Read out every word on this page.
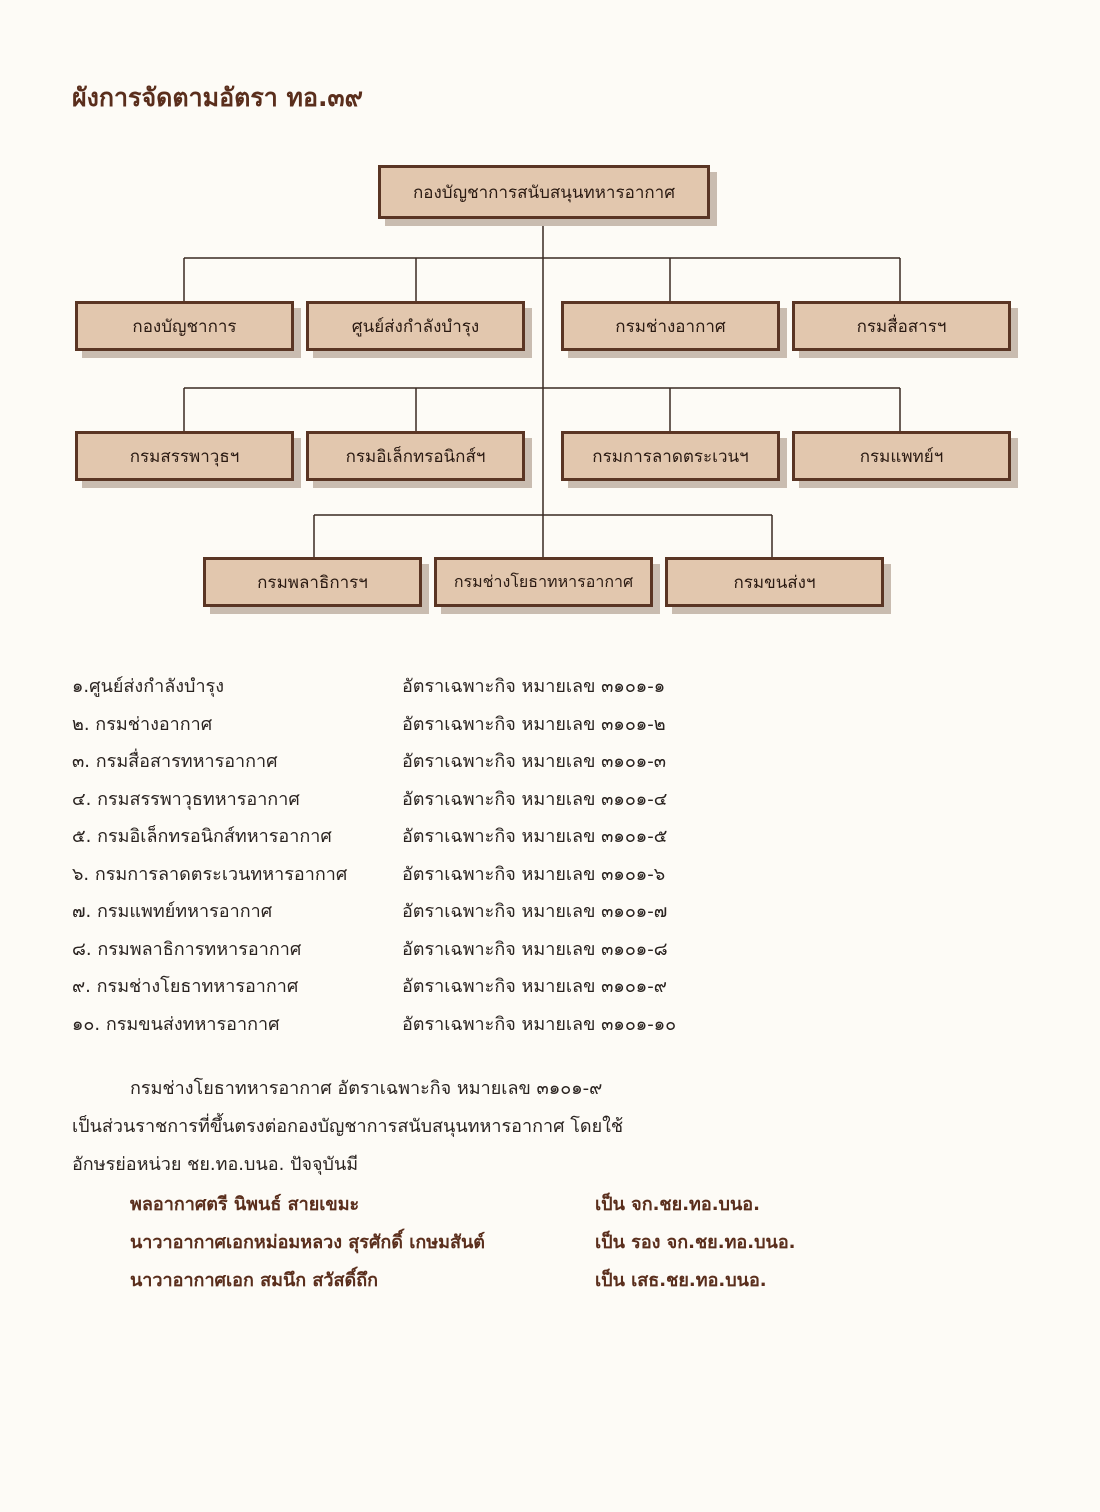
ผังการจัดตามอัตรา ทอ.๓๙
กองบัญชาการสนับสนุนทหารอากาศ
กองบัญชาการ	ศูนย์ส่งกำลังบำรุง	กรมช่างอากาศ	กรมสื่อสารฯ
กรมสรรพาวุธฯ	กรมอิเล็กทรอนิกส์ฯ	กรมการลาดตระเวนฯ	กรมแพทย์ฯ
กรมพลาธิการฯ	กรมช่างโยธาทหารอากาศ	กรมขนส่งฯ
๑.ศูนย์ส่งกำลังบำรุง	อัตราเฉพาะกิจ หมายเลข ๓๑๐๑-๑
๒. กรมช่างอากาศ	อัตราเฉพาะกิจ หมายเลข ๓๑๐๑-๒
๓. กรมสื่อสารทหารอากาศ	อัตราเฉพาะกิจ หมายเลข ๓๑๐๑-๓
๔. กรมสรรพาวุธทหารอากาศ	อัตราเฉพาะกิจ หมายเลข ๓๑๐๑-๔
๕. กรมอิเล็กทรอนิกส์ทหารอากาศ	อัตราเฉพาะกิจ หมายเลข ๓๑๐๑-๕
๖. กรมการลาดตระเวนทหารอากาศ	อัตราเฉพาะกิจ หมายเลข ๓๑๐๑-๖
๗. กรมแพทย์ทหารอากาศ	อัตราเฉพาะกิจ หมายเลข ๓๑๐๑-๗
๘. กรมพลาธิการทหารอากาศ	อัตราเฉพาะกิจ หมายเลข ๓๑๐๑-๘
๙. กรมช่างโยธาทหารอากาศ	อัตราเฉพาะกิจ หมายเลข ๓๑๐๑-๙
๑๐. กรมขนส่งทหารอากาศ	อัตราเฉพาะกิจ หมายเลข ๓๑๐๑-๑๐
กรมช่างโยธาทหารอากาศ อัตราเฉพาะกิจ หมายเลข ๓๑๐๑-๙
เป็นส่วนราชการที่ขึ้นตรงต่อกองบัญชาการสนับสนุนทหารอากาศ โดยใช้
อักษรย่อหน่วย ชย.ทอ.บนอ. ปัจจุบันมี
พลอากาศตรี นิพนธ์ สายเขมะ	เป็น จก.ชย.ทอ.บนอ.
นาวาอากาศเอกหม่อมหลวง สุรศักดิ์ เกษมสันต์	เป็น รอง จก.ชย.ทอ.บนอ.
นาวาอากาศเอก สมนึก สวัสดิ์ถึก	เป็น เสธ.ชย.ทอ.บนอ.
